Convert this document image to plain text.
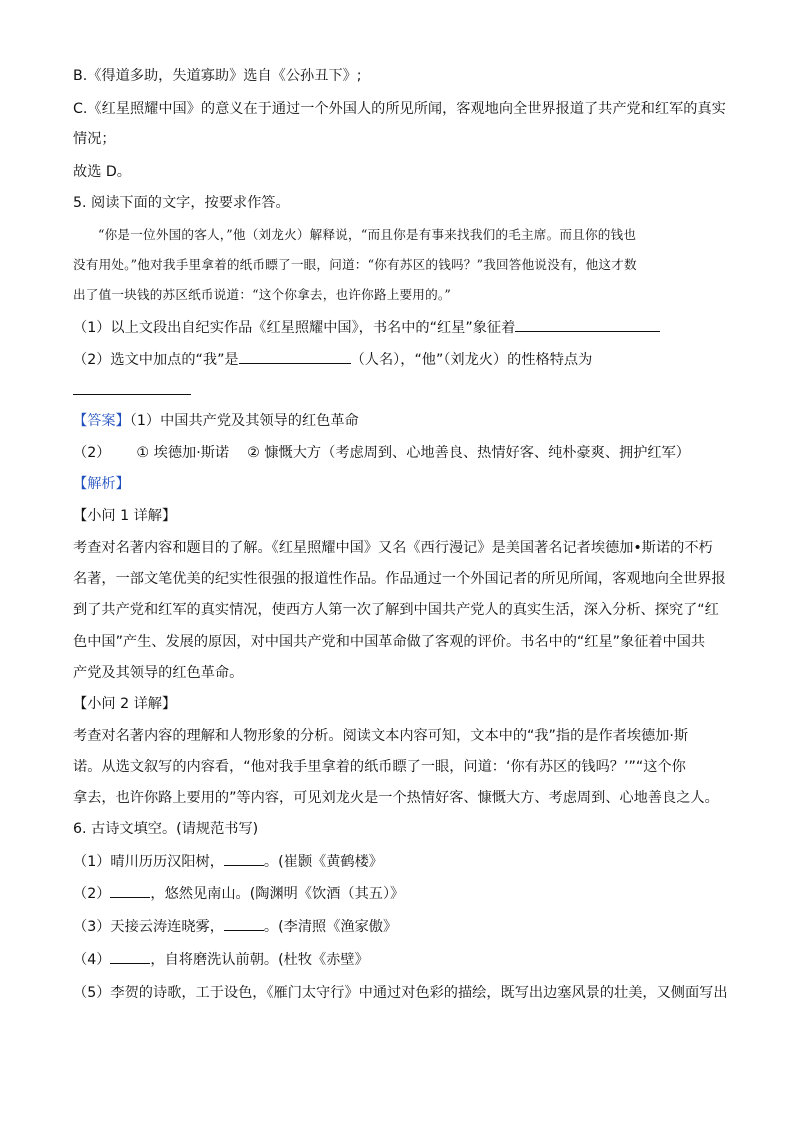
B.《得道多助，失道寡助》选自《公孙丑下》;
C.《红星照耀中国》的意义在于通过一个外国人的所见所闻，客观地向全世界报道了共产党和红军的真实
情况；
故选 D。
5. 阅读下面的文字，按要求作答。
“你是一位外国的客人，”他（刘龙火）解释说，“而且你是有事来找我们的毛主席。而且你的钱也
没有用处。”他对我手里拿着的纸币瞟了一眼，问道：“你有苏区的钱吗？”我回答他说没有，他这才数
出了值一块钱的苏区纸币说道：“这个你拿去，也许你路上要用的。”
（1）以上文段出自纪实作品《红星照耀中国》，书名中的“红星”象征着
（2）选文中加点的“我”是	（人名），“他”（刘龙火）的性格特点为
【答案】（1）中国共产党及其领导的红色革命
（2） ① 埃德加·斯诺 ② 慷慨大方（考虑周到、心地善良、热情好客、纯朴豪爽、拥护红军）
【解析】
【小问 1 详解】
考查对名著内容和题目的了解。《红星照耀中国》又名《西行漫记》是美国著名记者埃德加•斯诺的不朽
名著，一部文笔优美的纪实性很强的报道性作品。作品通过一个外国记者的所见所闻，客观地向全世界报
到了共产党和红军的真实情况，使西方人第一次了解到中国共产党人的真实生活，深入分析、探究了“红
色中国”产生、发展的原因，对中国共产党和中国革命做了客观的评价。书名中的“红星”象征着中国共
产党及其领导的红色革命。
【小问 2 详解】
考查对名著内容的理解和人物形象的分析。阅读文本内容可知，文本中的“我”指的是作者埃德加·斯
诺。从选文叙写的内容看，“他对我手里拿着的纸币瞟了一眼，问道：‘你有苏区的钱吗？’”“这个你
拿去，也许你路上要用的”等内容，可见刘龙火是一个热情好客、慷慨大方、考虑周到、心地善良之人。
6. 古诗文填空。(请规范书写)
（1）晴川历历汉阳树，	。(崔颢《黄鹤楼》
（2）	，悠然见南山。(陶渊明《饮酒（其五）》
（3）天接云涛连晓雾，	。(李清照《渔家傲》
（4）	，自将磨洗认前朝。(杜牧《赤壁》
（5）李贺的诗歌，工于设色，《雁门太守行》中通过对色彩的描绘，既写出边塞风景的壮美，又侧面写出
